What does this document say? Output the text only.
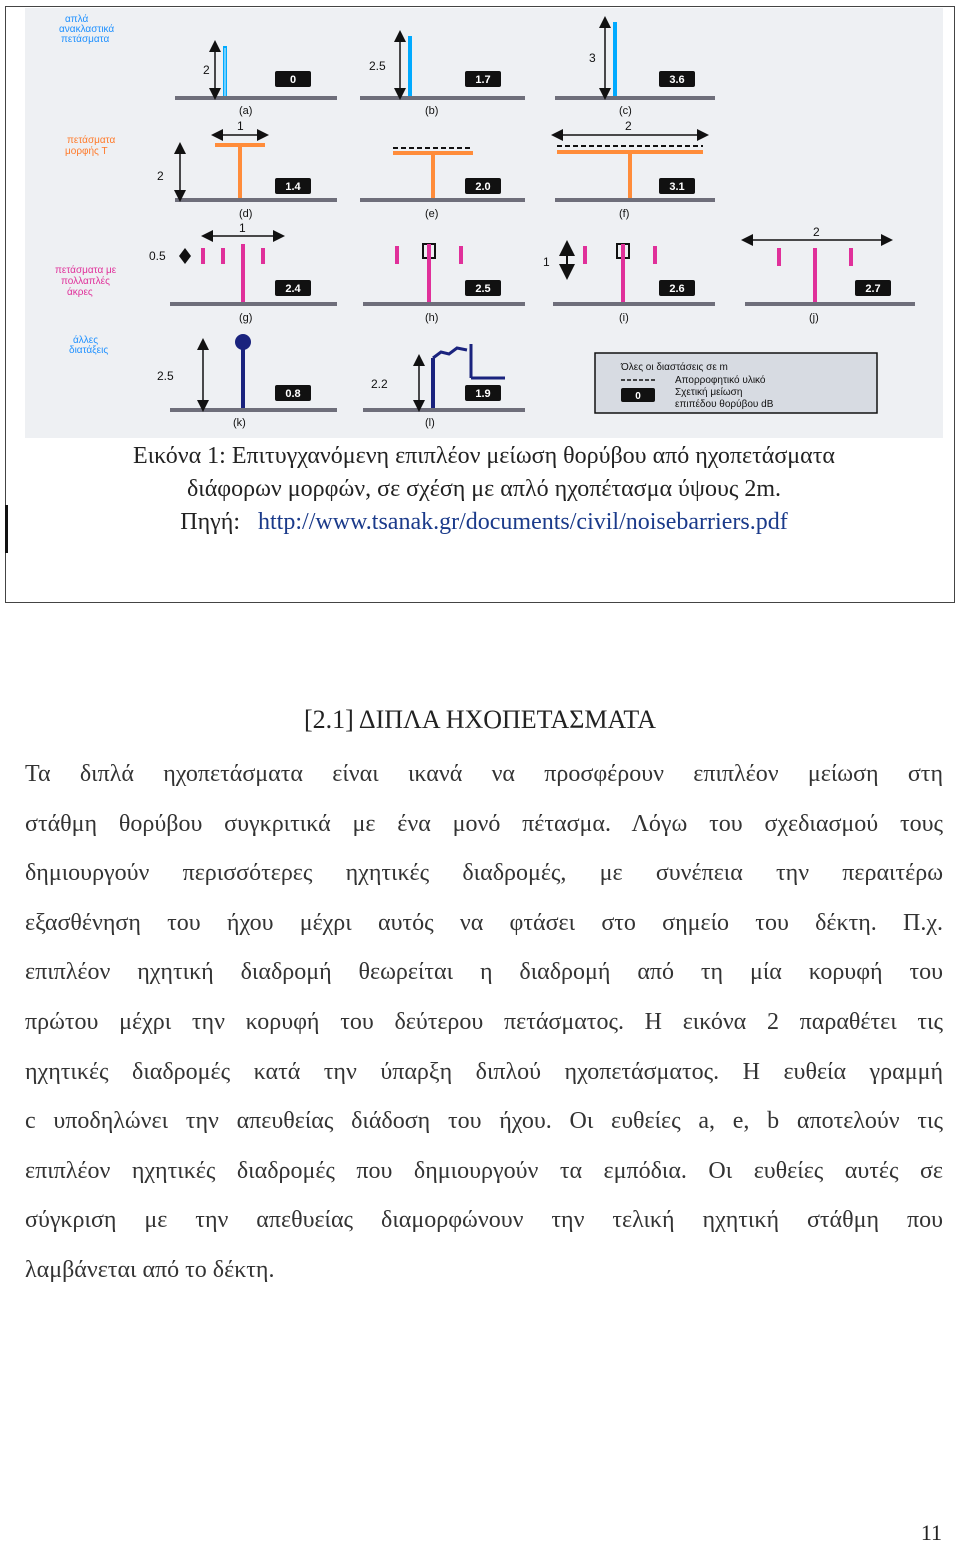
απλά
ανακλαστικά
πετάσματα
πετάσματα
μορφής Τ
πετάσματα με
πολλαπλές
άκρες
άλλες
διατάξεις
2
0
(a)
2.5
1.7
(b)
3
3.6
(c)
1
2
1.4
(d)
2.0
(e)
2
3.1
(f)
1
0.5
2.4
(g)
2.5
(h)
1
2.6
(i)
2
2.7
(j)
2.5
0.8
(k)
2.2
1.9
(l)
Όλες οι διαστάσεις σε m
Απορροφητικό υλικό
0	Σχετική μείωση
επιπέδου θορύβου dB
Εικόνα 1: Επιτυγχανόμενη επιπλέον μείωση θορύβου από ηχοπετάσματα
διάφορων μορφών, σε σχέση με απλό ηχοπέτασμα ύψους 2m.
Πηγή: http://www.tsanak.gr/documents/civil/noisebarriers.pdf
[2.1] ΔΙΠΛΑ ΗΧΟΠΕΤΑΣΜΑΤΑ
Τα διπλά ηχοπετάσματα είναι ικανά να προσφέρουν επιπλέον μείωση στη
στάθμη θορύβου συγκριτικά με ένα μονό πέτασμα. Λόγω του σχεδιασμού τους
δημιουργούν περισσότερες ηχητικές διαδρομές, με συνέπεια την περαιτέρω
εξασθένηση του ήχου μέχρι αυτός να φτάσει στο σημείο του δέκτη. Π.χ.
επιπλέον ηχητική διαδρομή θεωρείται η διαδρομή από τη μία κορυφή του
πρώτου μέχρι την κορυφή του δεύτερου πετάσματος. Η εικόνα 2 παραθέτει τις
ηχητικές διαδρομές κατά την ύπαρξη διπλού ηχοπετάσματος. Η ευθεία γραμμή
c υποδηλώνει την απευθείας διάδοση του ήχου. Οι ευθείες a, e, b αποτελούν τις
επιπλέον ηχητικές διαδρομές που δημιουργούν τα εμπόδια. Οι ευθείες αυτές σε
σύγκριση με την απεθυείας διαμορφώνουν την τελική ηχητική στάθμη που
λαμβάνεται από το δέκτη.
11
